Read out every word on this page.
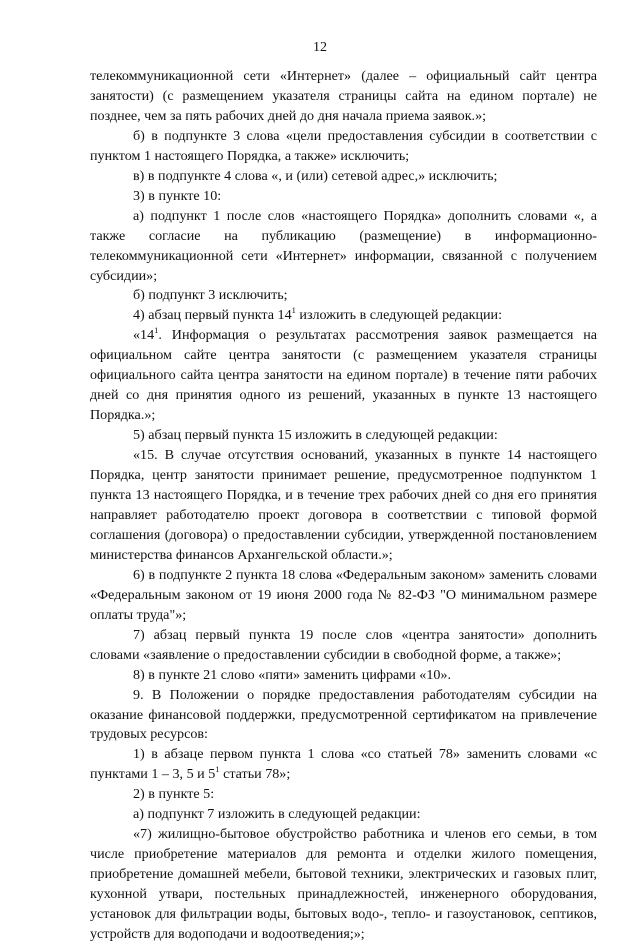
12

телекоммуникационной сети «Интернет» (далее – официальный сайт центра занятости) (с размещением указателя страницы сайта на едином портале) не позднее, чем за пять рабочих дней до дня начала приема заявок.»;

б) в подпункте 3 слова «цели предоставления субсидии в соответствии с пунктом 1 настоящего Порядка, а также» исключить;

в) в подпункте 4 слова «, и (или) сетевой адрес,» исключить;

3) в пункте 10:

а) подпункт 1 после слов «настоящего Порядка» дополнить словами «, а также согласие на публикацию (размещение) в информационно-телекоммуникационной сети «Интернет» информации, связанной с получением субсидии»;

б) подпункт 3 исключить;

4) абзац первый пункта $14^1$ изложить в следующей редакции:

«$14^1$. Информация о результатах рассмотрения заявок размещается на официальном сайте центра занятости (с размещением указателя страницы официального сайта центра занятости на едином портале) в течение пяти рабочих дней со дня принятия одного из решений, указанных в пункте 13 настоящего Порядка.»;

5) абзац первый пункта 15 изложить в следующей редакции:

«15. В случае отсутствия оснований, указанных в пункте 14 настоящего Порядка, центр занятости принимает решение, предусмотренное подпунктом 1 пункта 13 настоящего Порядка, и в течение трех рабочих дней со дня его принятия направляет работодателю проект договора в соответствии с типовой формой соглашения (договора) о предоставлении субсидии, утвержденной постановлением министерства финансов Архангельской области.»;

6) в подпункте 2 пункта 18 слова «Федеральным законом» заменить словами «Федеральным законом от 19 июня 2000 года № 82-ФЗ "О минимальном размере оплаты труда"»;

7) абзац первый пункта 19 после слов «центра занятости» дополнить словами «заявление о предоставлении субсидии в свободной форме, а также»;

8) в пункте 21 слово «пяти» заменить цифрами «10».

9. В Положении о порядке предоставления работодателям субсидии на оказание финансовой поддержки, предусмотренной сертификатом на привлечение трудовых ресурсов:

1) в абзаце первом пункта 1 слова «со статьей 78» заменить словами «с пунктами 1 – 3, 5 и $5^1$ статьи 78»;

2) в пункте 5:

а) подпункт 7 изложить в следующей редакции:

«7) жилищно-бытовое обустройство работника и членов его семьи, в том числе приобретение материалов для ремонта и отделки жилого помещения, приобретение домашней мебели, бытовой техники, электрических и газовых плит, кухонной утвари, постельных принадлежностей, инженерного оборудования, установок для фильтрации воды, бытовых водо-, тепло- и газоустановок, септиков, устройств для водоподачи и водоотведения;»;
